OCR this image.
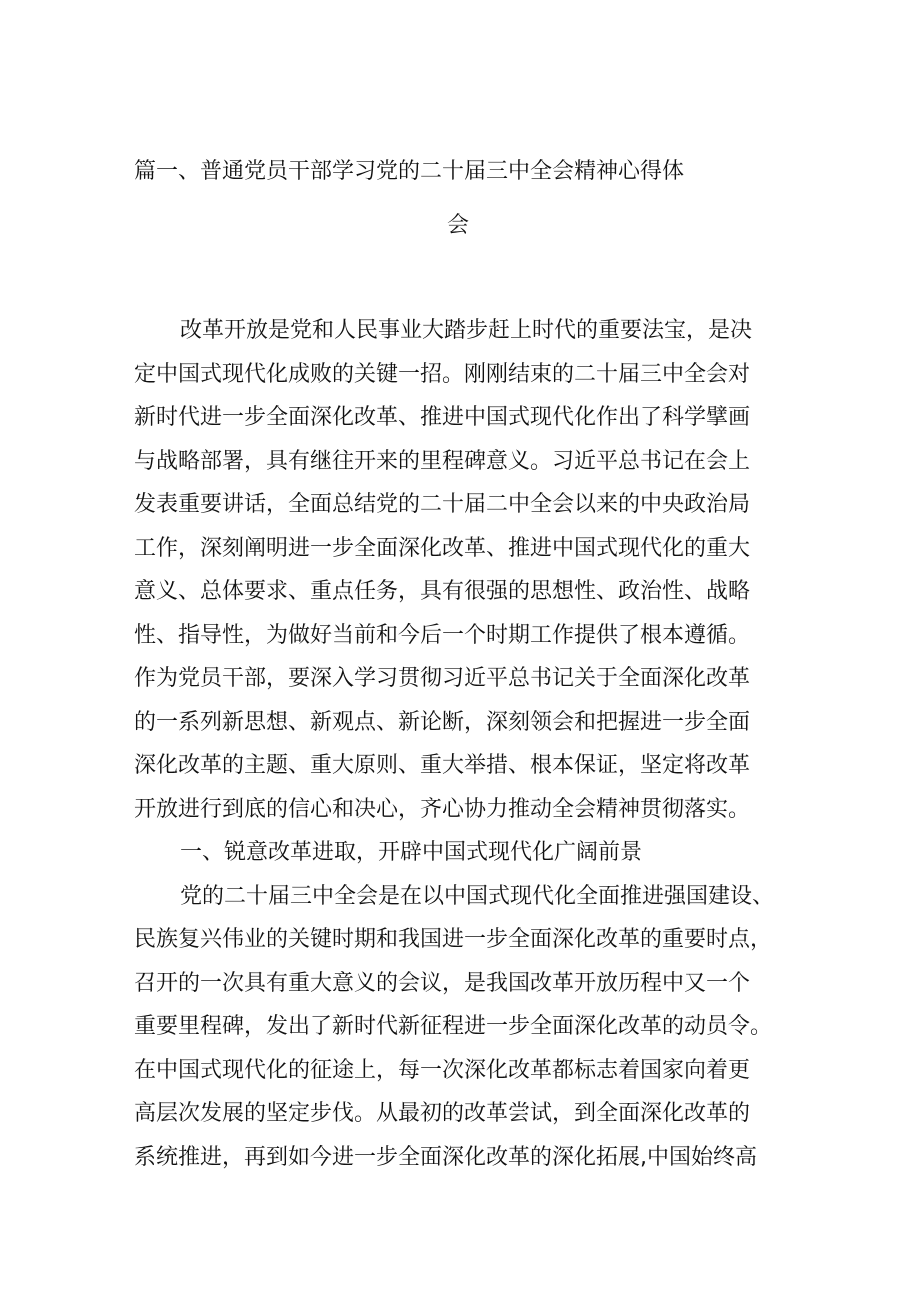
篇一、普通党员干部学习党的二十届三中全会精神心得体
会
改革开放是党和人民事业大踏步赶上时代的重要法宝，是决
定中国式现代化成败的关键一招。刚刚结束的二十届三中全会对
新时代进一步全面深化改革、推进中国式现代化作出了科学擘画
与战略部署，具有继往开来的里程碑意义。习近平总书记在会上
发表重要讲话，全面总结党的二十届二中全会以来的中央政治局
工作，深刻阐明进一步全面深化改革、推进中国式现代化的重大
意义、总体要求、重点任务，具有很强的思想性、政治性、战略
性、指导性，为做好当前和今后一个时期工作提供了根本遵循。
作为党员干部，要深入学习贯彻习近平总书记关于全面深化改革
的一系列新思想、新观点、新论断，深刻领会和把握进一步全面
深化改革的主题、重大原则、重大举措、根本保证，坚定将改革
开放进行到底的信心和决心，齐心协力推动全会精神贯彻落实。
一、锐意改革进取，开辟中国式现代化广阔前景
党的二十届三中全会是在以中国式现代化全面推进强国建设、
民族复兴伟业的关键时期和我国进一步全面深化改革的重要时点，
召开的一次具有重大意义的会议，是我国改革开放历程中又一个
重要里程碑，发出了新时代新征程进一步全面深化改革的动员令。
在中国式现代化的征途上，每一次深化改革都标志着国家向着更
高层次发展的坚定步伐。从最初的改革尝试，到全面深化改革的
系统推进，再到如今进一步全面深化改革的深化拓展,中国始终高
